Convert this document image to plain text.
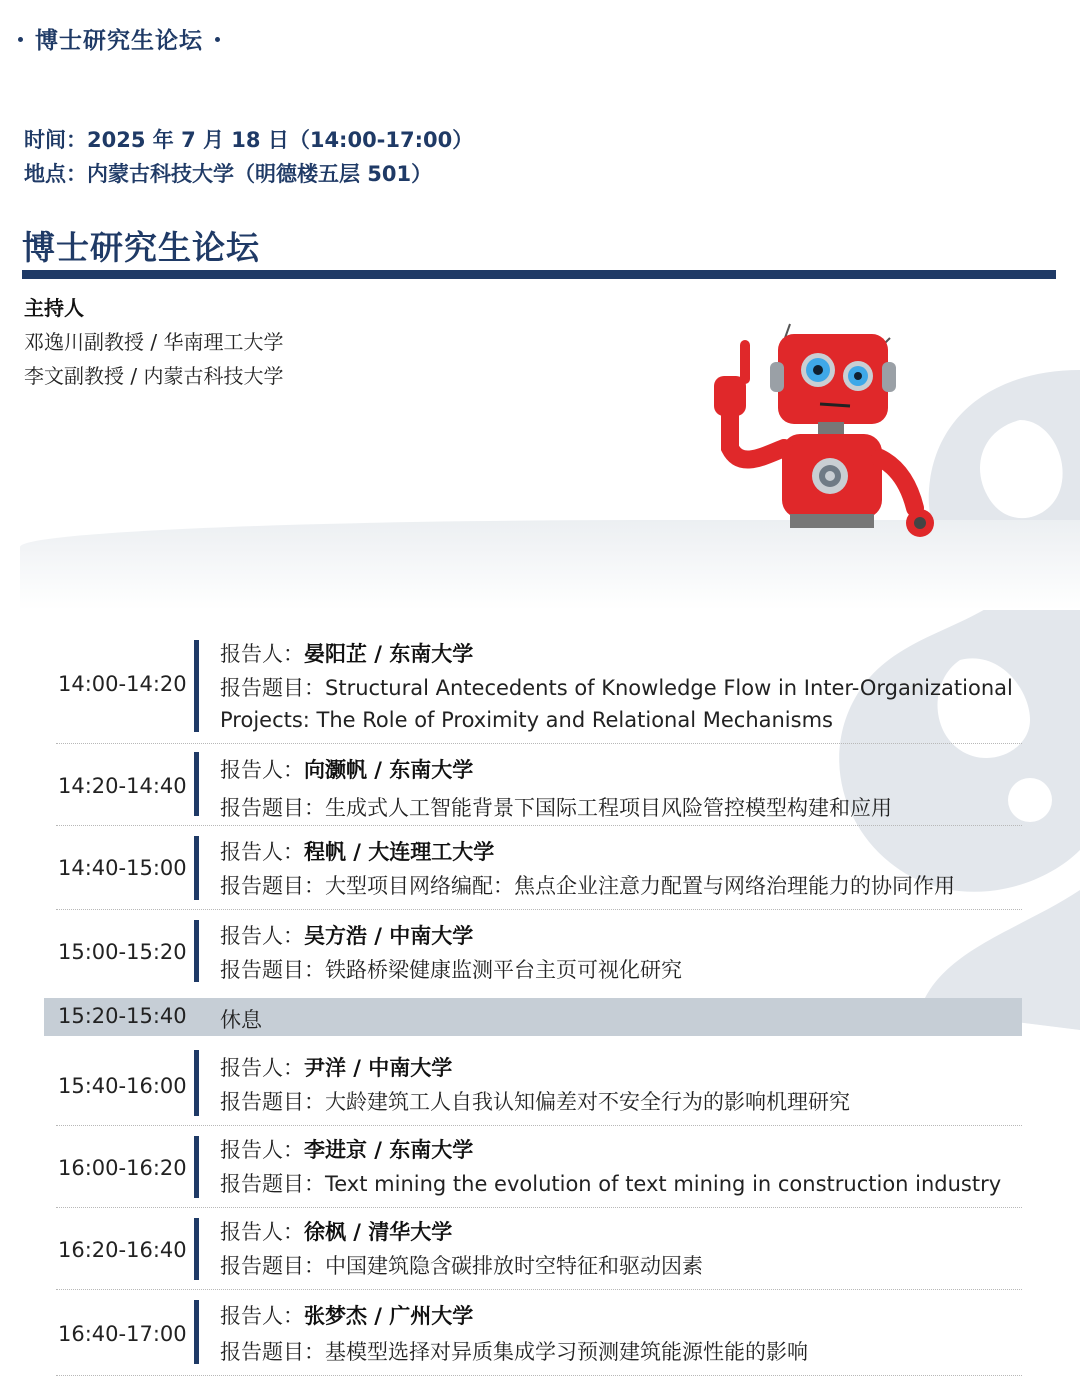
博士研究生论坛
时间：2025 年 7 月 18 日（14:00-17:00）
地点：内蒙古科技大学（明德楼五层 501）
博士研究生论坛
主持人
邓逸川副教授 / 华南理工大学
李文副教授 / 内蒙古科技大学
14:00-14:20
报告人：晏阳芷 / 东南大学
报告题目：Structural Antecedents of Knowledge Flow in Inter-Organizational
Projects: The Role of Proximity and Relational Mechanisms
14:20-14:40
报告人：向灏帆 / 东南大学
报告题目：生成式人工智能背景下国际工程项目风险管控模型构建和应用
14:40-15:00
报告人：程帆 / 大连理工大学
报告题目：大型项目网络编配：焦点企业注意力配置与网络治理能力的协同作用
15:00-15:20
报告人：吴方浩 / 中南大学
报告题目：铁路桥梁健康监测平台主页可视化研究
15:20-15:40 休息
15:40-16:00
报告人：尹洋 / 中南大学
报告题目：大龄建筑工人自我认知偏差对不安全行为的影响机理研究
16:00-16:20
报告人：李进京 / 东南大学
报告题目：Text mining the evolution of text mining in construction industry
16:20-16:40
报告人：徐枫 / 清华大学
报告题目：中国建筑隐含碳排放时空特征和驱动因素
16:40-17:00
报告人：张梦杰 / 广州大学
报告题目：基模型选择对异质集成学习预测建筑能源性能的影响
